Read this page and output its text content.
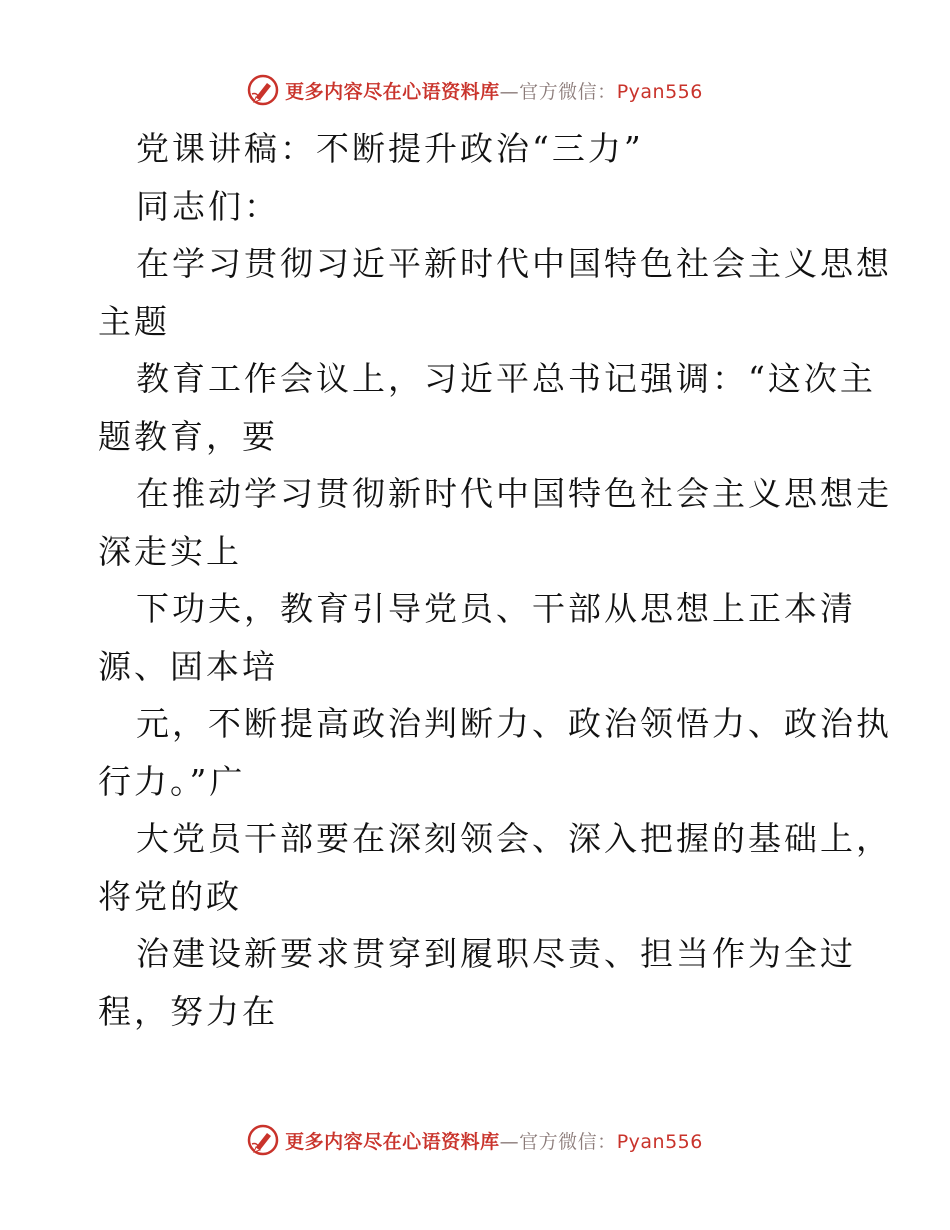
更多内容尽在心语资料库—官方微信：Pyan556
党课讲稿：不断提升政治“三力”
同志们：
在学习贯彻习近平新时代中国特色社会主义思想
主题
教育工作会议上，习近平总书记强调：“这次主
题教育，要
在推动学习贯彻新时代中国特色社会主义思想走
深走实上
下功夫，教育引导党员、干部从思想上正本清
源、固本培
元，不断提高政治判断力、政治领悟力、政治执
行力。”广
大党员干部要在深刻领会、深入把握的基础上，
将党的政
治建设新要求贯穿到履职尽责、担当作为全过
程，努力在
更多内容尽在心语资料库—官方微信：Pyan556
